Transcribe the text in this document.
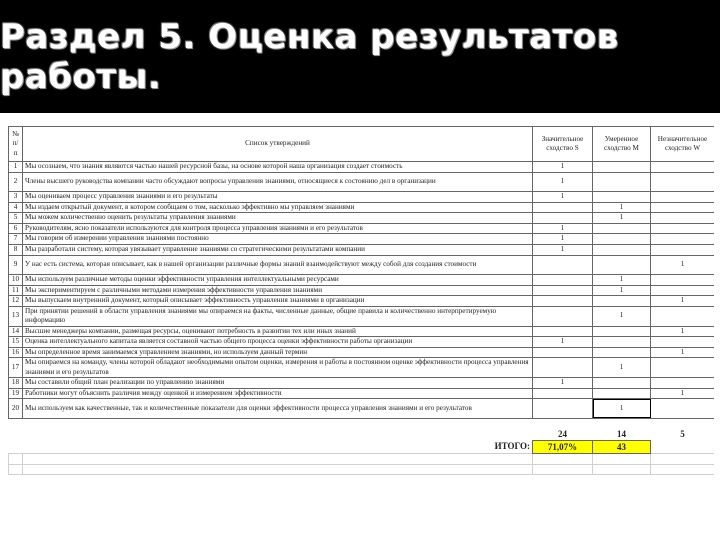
Раздел 5. Оценка результатов работы.
№ п/п	Список утверждений	Значительное сходство S	Умеренное сходство M	Незначительное сходство W
1	Мы осознаем, что знания являются частью нашей ресурсной базы, на основе которой наша организация создает стоимость	1		
2	Члены высшего руководства компании часто обсуждают вопросы управления знаниями, относящиеся к состоянию дел в организации	1		
3	Мы оцениваем процесс управления знаниями и его результаты	1		
4	Мы издаем открытый документ, в котором сообщаем о том, насколько эффективно мы управляем знаниями		1	
5	Мы можем количественно оценить результаты управления знаниями		1	
6	Руководителям, ясно показатели используются для контроля процесса управления знаниями и его результатов	1		
7	Мы говорим об измерении управления знаниями постоянно	1		
8	Мы разработали систему, которая увязывает управление знаниями со стратегическими результатами компании	1		
9	У нас есть система, которая описывает, как в нашей организации различные формы знаний взаимодействуют между собой для создания стоимости			1
10	Мы используем различные методы оценки эффективности управления интеллектуальными ресурсами		1	
11	Мы экспериментируем с различными методами измерения эффективности управления знаниями		1	
12	Мы выпускаем внутренний документ, который описывает эффективность управления знаниями в организации			1
13	При принятии решений в области управления знаниями мы опираемся на факты, численные данные, общие правила и количественно интерпретируемую информацию		1	
14	Высшие менеджеры компании, размещая ресурсы, оценивают потребность в развитии тех или иных знаний			1
15	Оценка интеллектуального капитала является составной частью общего процесса оценки эффективности работы организации	1		
16	Мы определенное время занимаемся управлением знаниями, но используем данный термин			1
17	Мы опираемся на команду, члены которой обладают необходимыми опытом оценки, измерения и работы в постоянном оценке эффективности процесса управления знаниями и его результатов		1	
18	Мы составили общий план реализации по управлению знаниями	1		
19	Работники могут объяснить различия между оценкой и измерением эффективности			1
20	Мы используем как качественные, так и количественные показатели для оценки эффективности процесса управления знаниями и его результатов		1	

		24	14	5
	ИТОГО:	71,07%	43	
